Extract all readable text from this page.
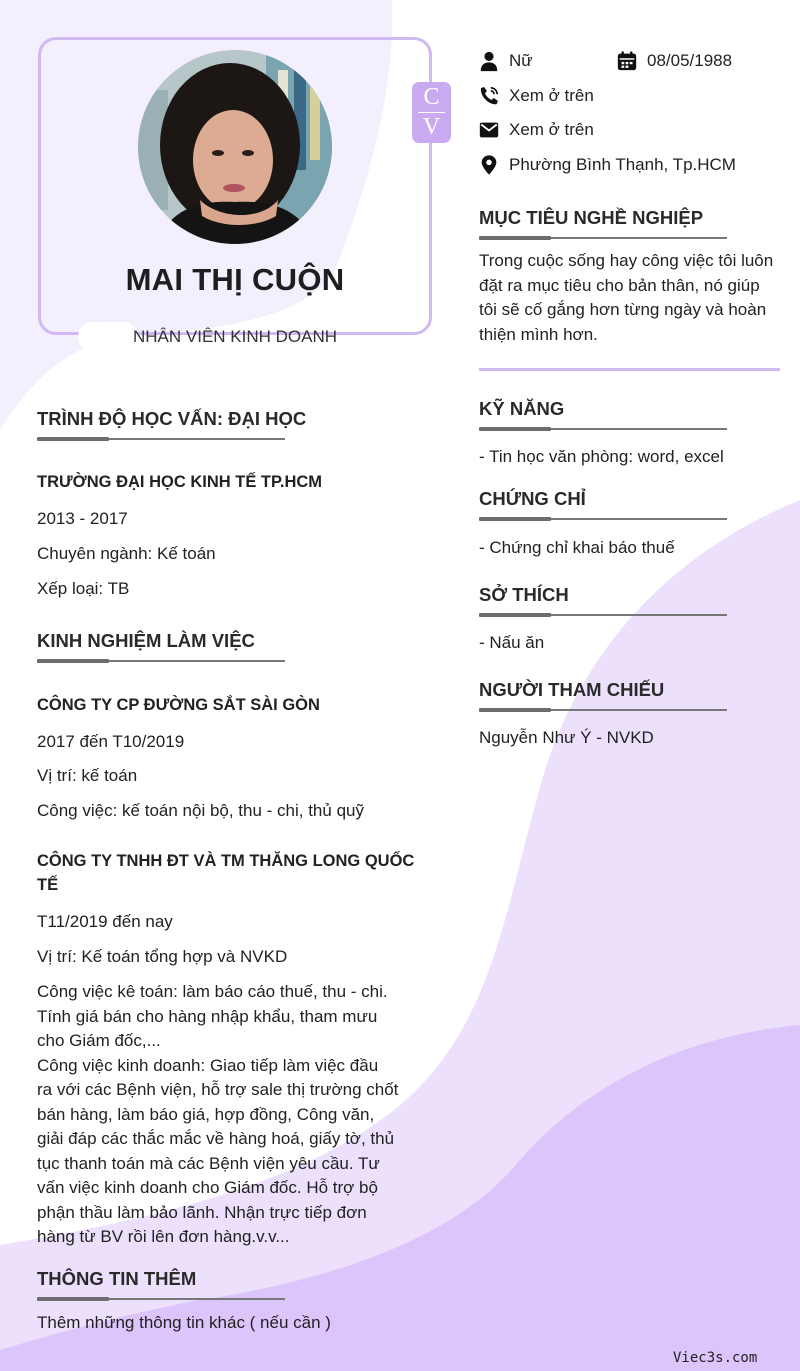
MAI THỊ CUỘN
NHÂN VIÊN KINH DOANH
C
V
Nữ	08/05/1988
Xem ở trên
Xem ở trên
Phường Bình Thạnh, Tp.HCM
MỤC TIÊU NGHỀ NGHIỆP
Trong cuộc sống hay công việc tôi luôn
đặt ra mục tiêu cho bản thân, nó giúp
tôi sẽ cố gắng hơn từng ngày và hoàn
thiện mình hơn.
KỸ NĂNG
- Tin học văn phòng: word, excel
CHỨNG CHỈ
- Chứng chỉ khai báo thuế
SỞ THÍCH
- Nấu ăn
NGƯỜI THAM CHIẾU
Nguyễn Như Ý - NVKD
TRÌNH ĐỘ HỌC VẤN: ĐẠI HỌC
TRƯỜNG ĐẠI HỌC KINH TẾ TP.HCM
2013 - 2017
Chuyên ngành: Kế toán
Xếp loại: TB
KINH NGHIỆM LÀM VIỆC
CÔNG TY CP ĐƯỜNG SẮT SÀI GÒN
2017 đến T10/2019
Vị trí: kế toán
Công việc: kế toán nội bộ, thu - chi, thủ quỹ
CÔNG TY TNHH ĐT VÀ TM THĂNG LONG QUỐC
TẾ
T11/2019 đến nay
Vị trí: Kế toán tổng hợp và NVKD
Công việc kê toán: làm báo cáo thuế, thu - chi.
Tính giá bán cho hàng nhập khẩu, tham mưu
cho Giám đốc,...
Công việc kinh doanh: Giao tiếp làm việc đầu
ra với các Bệnh viện, hỗ trợ sale thị trường chốt
bán hàng, làm báo giá, hợp đồng, Công văn,
giải đáp các thắc mắc về hàng hoá, giấy tờ, thủ
tục thanh toán mà các Bệnh viện yêu cầu. Tư
vấn việc kinh doanh cho Giám đốc. Hỗ trợ bộ
phận thầu làm bảo lãnh. Nhận trực tiếp đơn
hàng từ BV rồi lên đơn hàng.v.v...
THÔNG TIN THÊM
Thêm những thông tin khác ( nếu cần )
Viec3s.com
